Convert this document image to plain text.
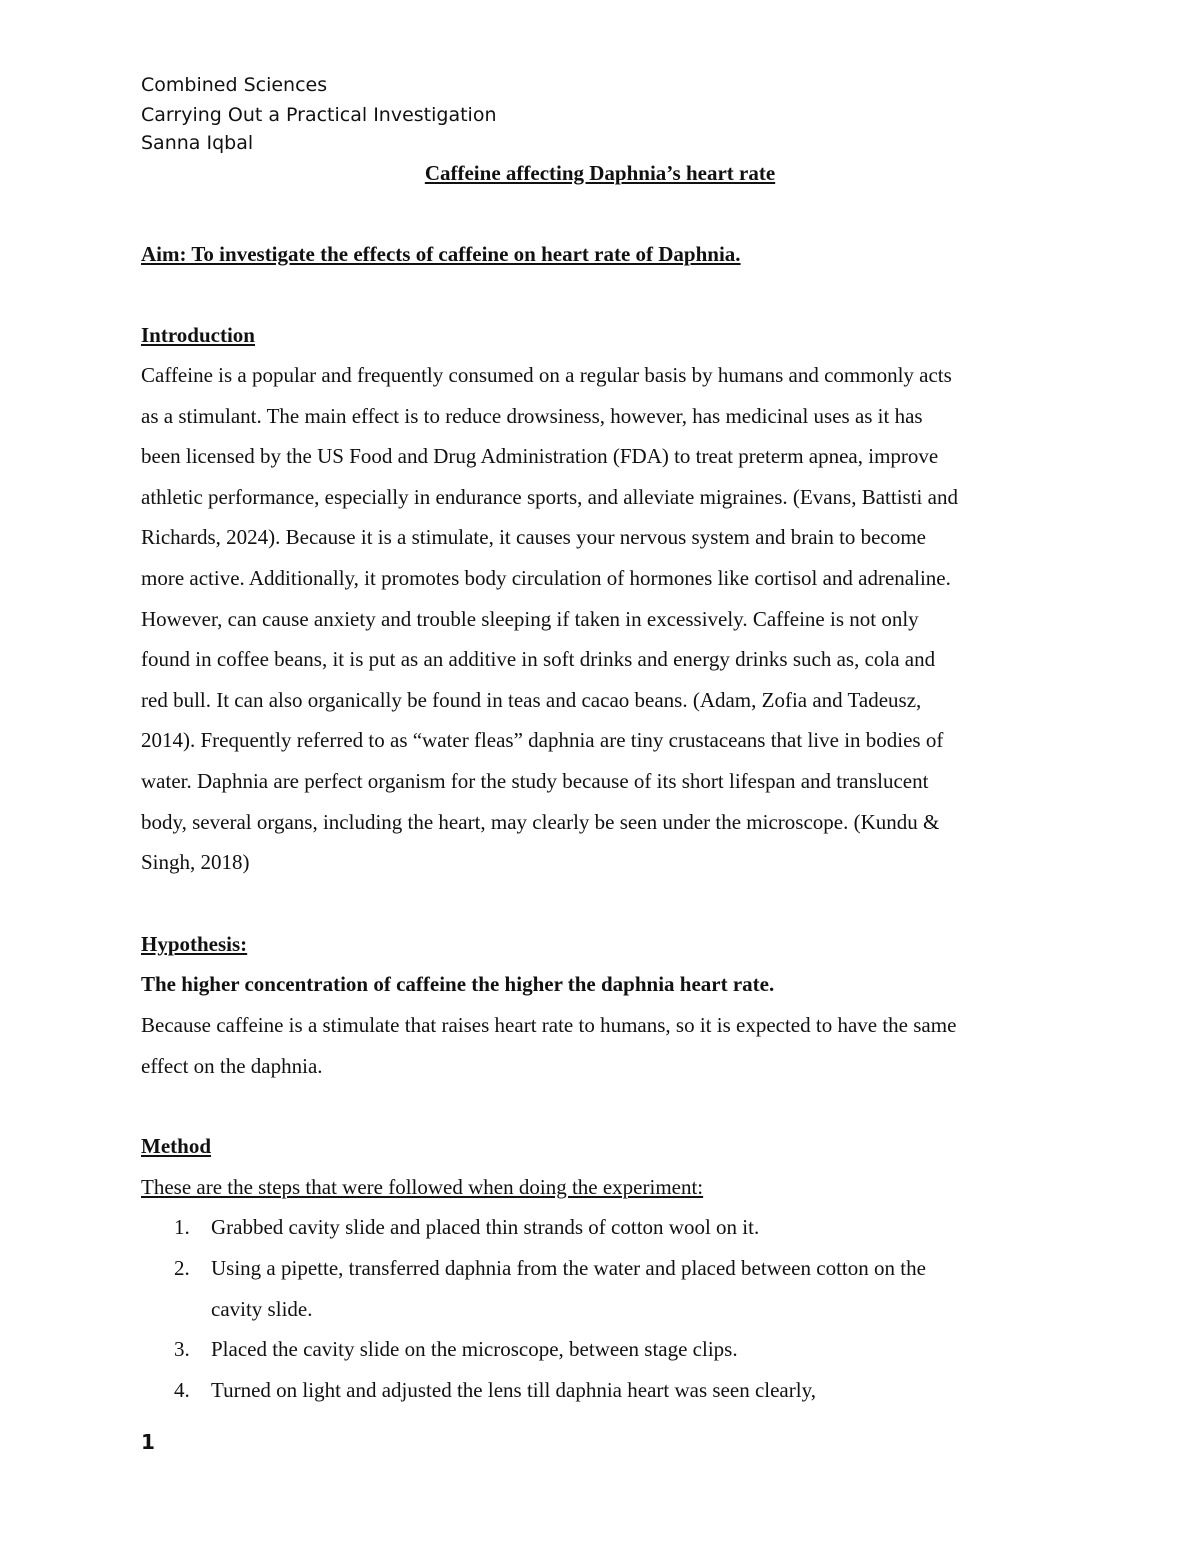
Combined Sciences
Carrying Out a Practical Investigation
Sanna Iqbal
Caffeine affecting Daphnia’s heart rate
Aim: To investigate the effects of caffeine on heart rate of Daphnia.
Introduction
Caffeine is a popular and frequently consumed on a regular basis by humans and commonly acts
as a stimulant. The main effect is to reduce drowsiness, however, has medicinal uses as it has
been licensed by the US Food and Drug Administration (FDA) to treat preterm apnea, improve
athletic performance, especially in endurance sports, and alleviate migraines. (Evans, Battisti and
Richards, 2024). Because it is a stimulate, it causes your nervous system and brain to become
more active. Additionally, it promotes body circulation of hormones like cortisol and adrenaline.
However, can cause anxiety and trouble sleeping if taken in excessively. Caffeine is not only
found in coffee beans, it is put as an additive in soft drinks and energy drinks such as, cola and
red bull. It can also organically be found in teas and cacao beans. (Adam, Zofia and Tadeusz,
2014). Frequently referred to as “water fleas” daphnia are tiny crustaceans that live in bodies of
water. Daphnia are perfect organism for the study because of its short lifespan and translucent
body, several organs, including the heart, may clearly be seen under the microscope. (Kundu &
Singh, 2018)
Hypothesis:
The higher concentration of caffeine the higher the daphnia heart rate.
Because caffeine is a stimulate that raises heart rate to humans, so it is expected to have the same
effect on the daphnia.
Method
These are the steps that were followed when doing the experiment:
1. Grabbed cavity slide and placed thin strands of cotton wool on it.
2. Using a pipette, transferred daphnia from the water and placed between cotton on the
cavity slide.
3. Placed the cavity slide on the microscope, between stage clips.
4. Turned on light and adjusted the lens till daphnia heart was seen clearly,
1
